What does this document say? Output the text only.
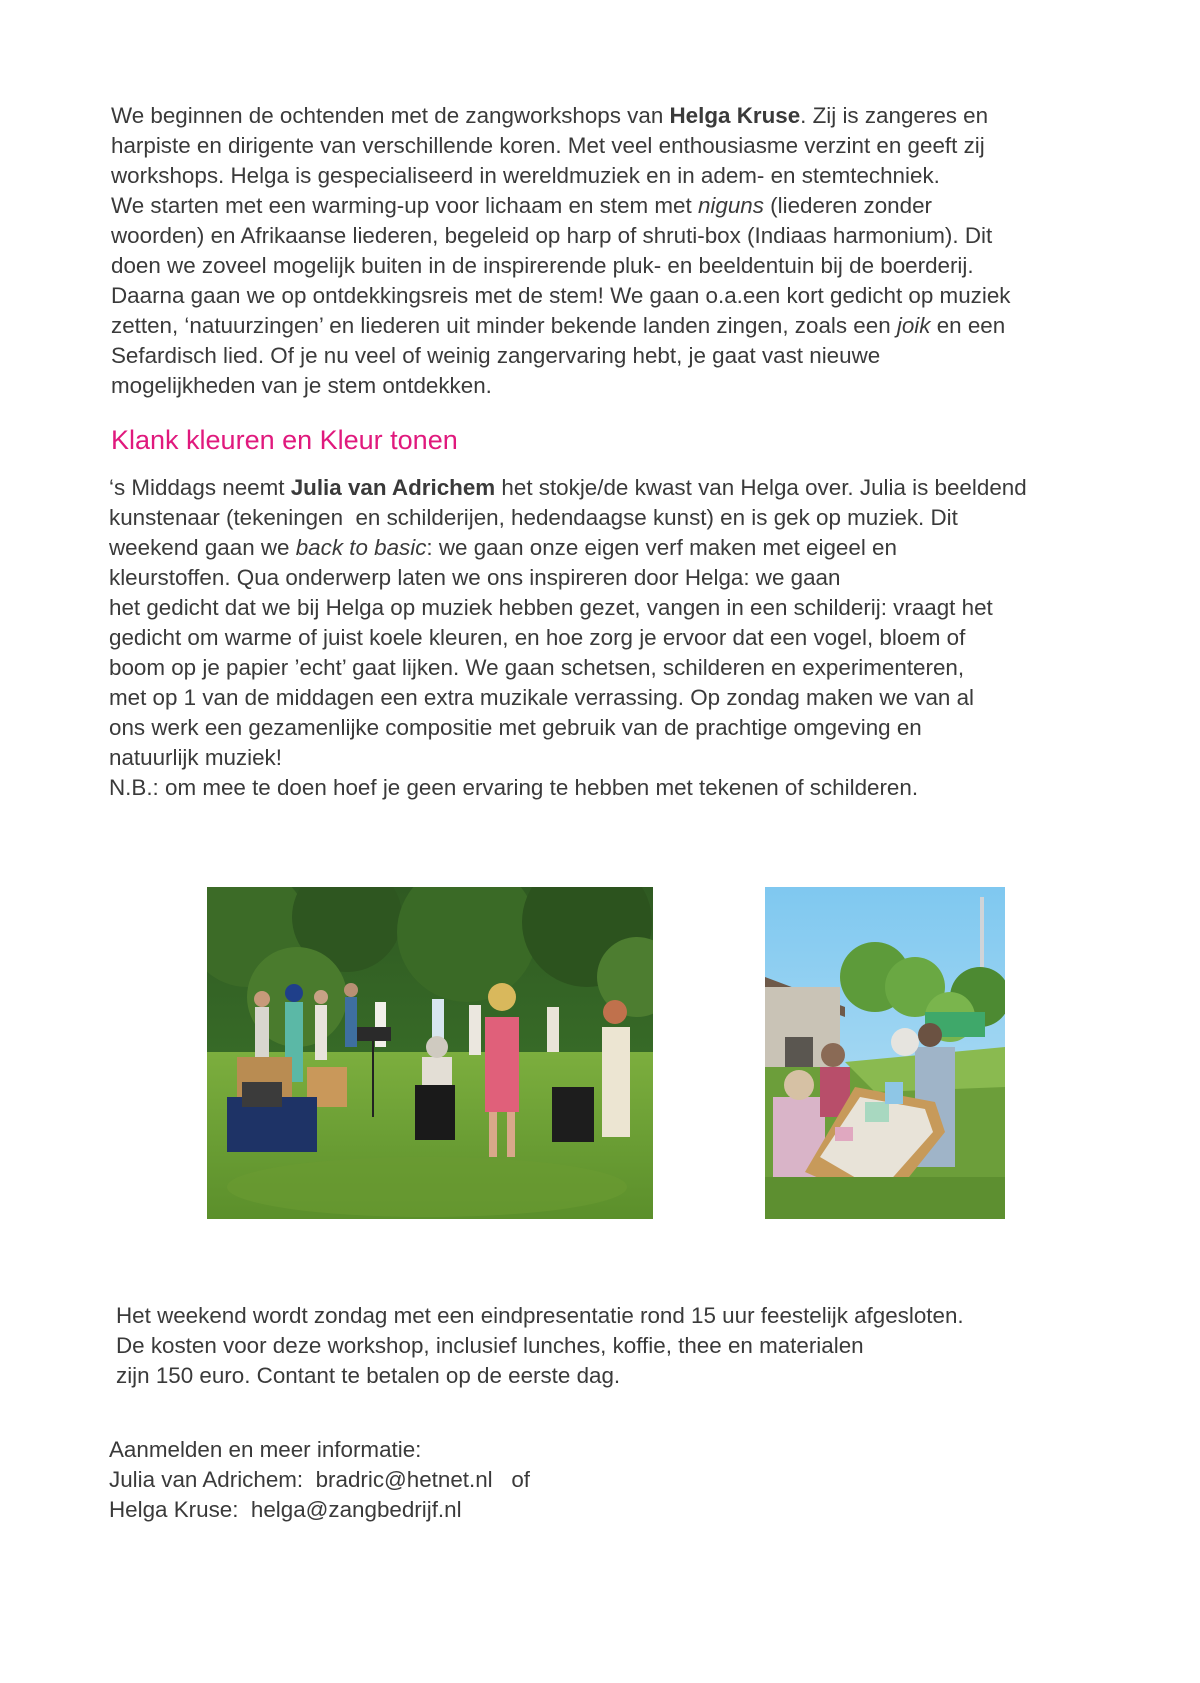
We beginnen de ochtenden met de zangworkshops van Helga Kruse. Zij is zangeres en
harpiste en dirigente van verschillende koren. Met veel enthousiasme verzint en geeft zij
workshops. Helga is gespecialiseerd in wereldmuziek en in adem- en stemtechniek.
We starten met een warming-up voor lichaam en stem met niguns (liederen zonder
woorden) en Afrikaanse liederen, begeleid op harp of shruti-box (Indiaas harmonium). Dit
doen we zoveel mogelijk buiten in de inspirerende pluk- en beeldentuin bij de boerderij.
Daarna gaan we op ontdekkingsreis met de stem! We gaan o.a.een kort gedicht op muziek
zetten, ‘natuurzingen’ en liederen uit minder bekende landen zingen, zoals een joik en een
Sefardisch lied. Of je nu veel of weinig zangervaring hebt, je gaat vast nieuwe
mogelijkheden van je stem ontdekken.
Klank kleuren en Kleur tonen
‘s Middags neemt Julia van Adrichem het stokje/de kwast van Helga over. Julia is beeldend
kunstenaar (tekeningen  en schilderijen, hedendaagse kunst) en is gek op muziek. Dit
weekend gaan we back to basic: we gaan onze eigen verf maken met eigeel en
kleurstoffen. Qua onderwerp laten we ons inspireren door Helga: we gaan
het gedicht dat we bij Helga op muziek hebben gezet, vangen in een schilderij: vraagt het
gedicht om warme of juist koele kleuren, en hoe zorg je ervoor dat een vogel, bloem of
boom op je papier ’echt’ gaat lijken. We gaan schetsen, schilderen en experimenteren,
met op 1 van de middagen een extra muzikale verrassing. Op zondag maken we van al
ons werk een gezamenlijke compositie met gebruik van de prachtige omgeving en
natuurlijk muziek!
N.B.: om mee te doen hoef je geen ervaring te hebben met tekenen of schilderen.
Het weekend wordt zondag met een eindpresentatie rond 15 uur feestelijk afgesloten.
De kosten voor deze workshop, inclusief lunches, koffie, thee en materialen
zijn 150 euro. Contant te betalen op de eerste dag.
Aanmelden en meer informatie:
Julia van Adrichem:  bradric@hetnet.nl   of
Helga Kruse:  helga@zangbedrijf.nl
